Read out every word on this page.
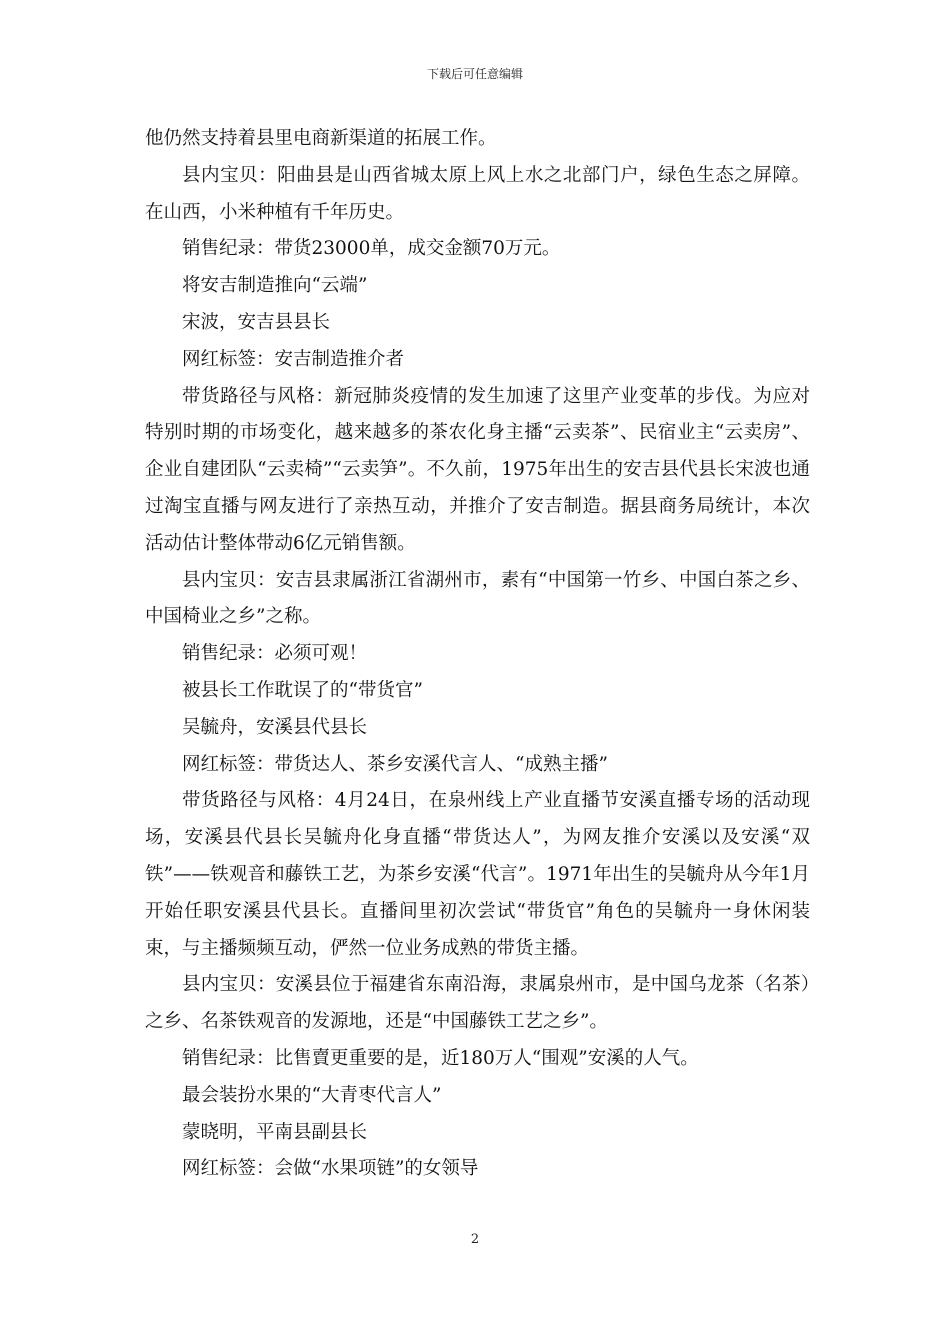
下载后可任意编辑

他仍然支持着县里电商新渠道的拓展工作。

县内宝贝：阳曲县是山西省城太原上风上水之北部门户，绿色生态之屏障。在山西，小米种植有千年历史。

销售纪录：带货23000单，成交金额70万元。

将安吉制造推向“云端”

宋波，安吉县县长

网红标签：安吉制造推介者

带货路径与风格：新冠肺炎疫情的发生加速了这里产业变革的步伐。为应对特别时期的市场变化，越来越多的茶农化身主播“云卖茶”、民宿业主“云卖房”、企业自建团队“云卖椅”“云卖笋”。不久前，1975年出生的安吉县代县长宋波也通过淘宝直播与网友进行了亲热互动，并推介了安吉制造。据县商务局统计，本次活动估计整体带动6亿元销售额。

县内宝贝：安吉县隶属浙江省湖州市，素有“中国第一竹乡、中国白茶之乡、中国椅业之乡”之称。

销售纪录：必须可观！

被县长工作耽误了的“带货官”

吴毓舟，安溪县代县长

网红标签：带货达人、茶乡安溪代言人、“成熟主播”

带货路径与风格：4月24日，在泉州线上产业直播节安溪直播专场的活动现场，安溪县代县长吴毓舟化身直播“带货达人”，为网友推介安溪以及安溪“双铁”——铁观音和藤铁工艺，为茶乡安溪“代言”。1971年出生的吴毓舟从今年1月开始任职安溪县代县长。直播间里初次尝试“带货官”角色的吴毓舟一身休闲装束，与主播频频互动，俨然一位业务成熟的带货主播。

县内宝贝：安溪县位于福建省东南沿海，隶属泉州市，是中国乌龙茶（名茶）之乡、名茶铁观音的发源地，还是“中国藤铁工艺之乡”。

销售纪录：比售賣更重要的是，近180万人“围观”安溪的人气。

最会装扮水果的“大青枣代言人”

蒙晓明，平南县副县长

网红标签：会做“水果项链”的女领导

2
